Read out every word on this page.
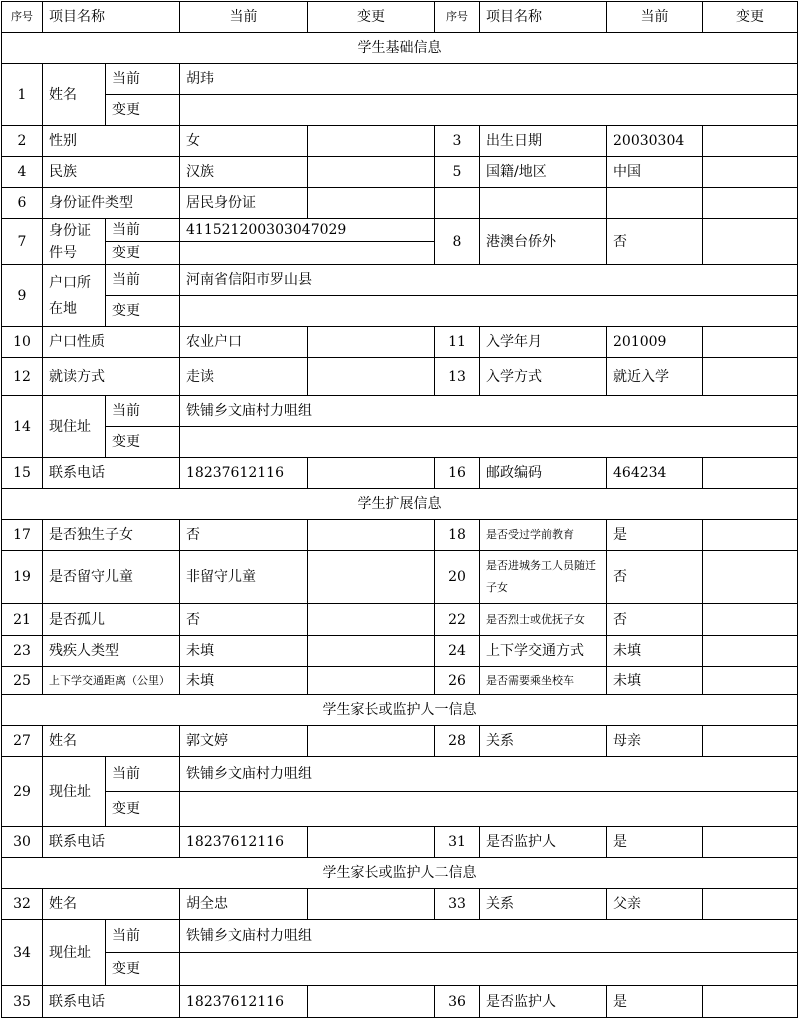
序号	项目名称		当前	变更	序号	项目名称	当前	变更
学生基础信息								
1	姓名	当前	胡玮					
		变更						
2	性别		女		3	出生日期	20030304	
4	民族		汉族		5	国籍/地区	中国	
6	身份证件类型		居民身份证					
7	身份证件号	当前	411521200303047029		8	港澳台侨外	否	
		变更						
9	户口所在地	当前	河南省信阳市罗山县					
		变更						
10	户口性质		农业户口		11	入学年月	201009	
12	就读方式		走读		13	入学方式	就近入学	
14	现住址	当前	铁铺乡文庙村力咀组					
		变更						
15	联系电话		18237612116		16	邮政编码	464234	
学生扩展信息								
17	是否独生子女		否		18	是否受过学前教育	是	
19	是否留守儿童		非留守儿童		20	是否进城务工人员随迁子女	否	
21	是否孤儿		否		22	是否烈士或优抚子女	否	
23	残疾人类型		未填		24	上下学交通方式	未填	
25	上下学交通距离（公里）		未填		26	是否需要乘坐校车	未填	
学生家长或监护人一信息								
27	姓名		郭文婷		28	关系	母亲	
29	现住址	当前	铁铺乡文庙村力咀组					
		变更						
30	联系电话		18237612116		31	是否监护人	是	
学生家长或监护人二信息								
32	姓名		胡全忠		33	关系	父亲	
34	现住址	当前	铁铺乡文庙村力咀组					
		变更						
35	联系电话		18237612116		36	是否监护人	是	
